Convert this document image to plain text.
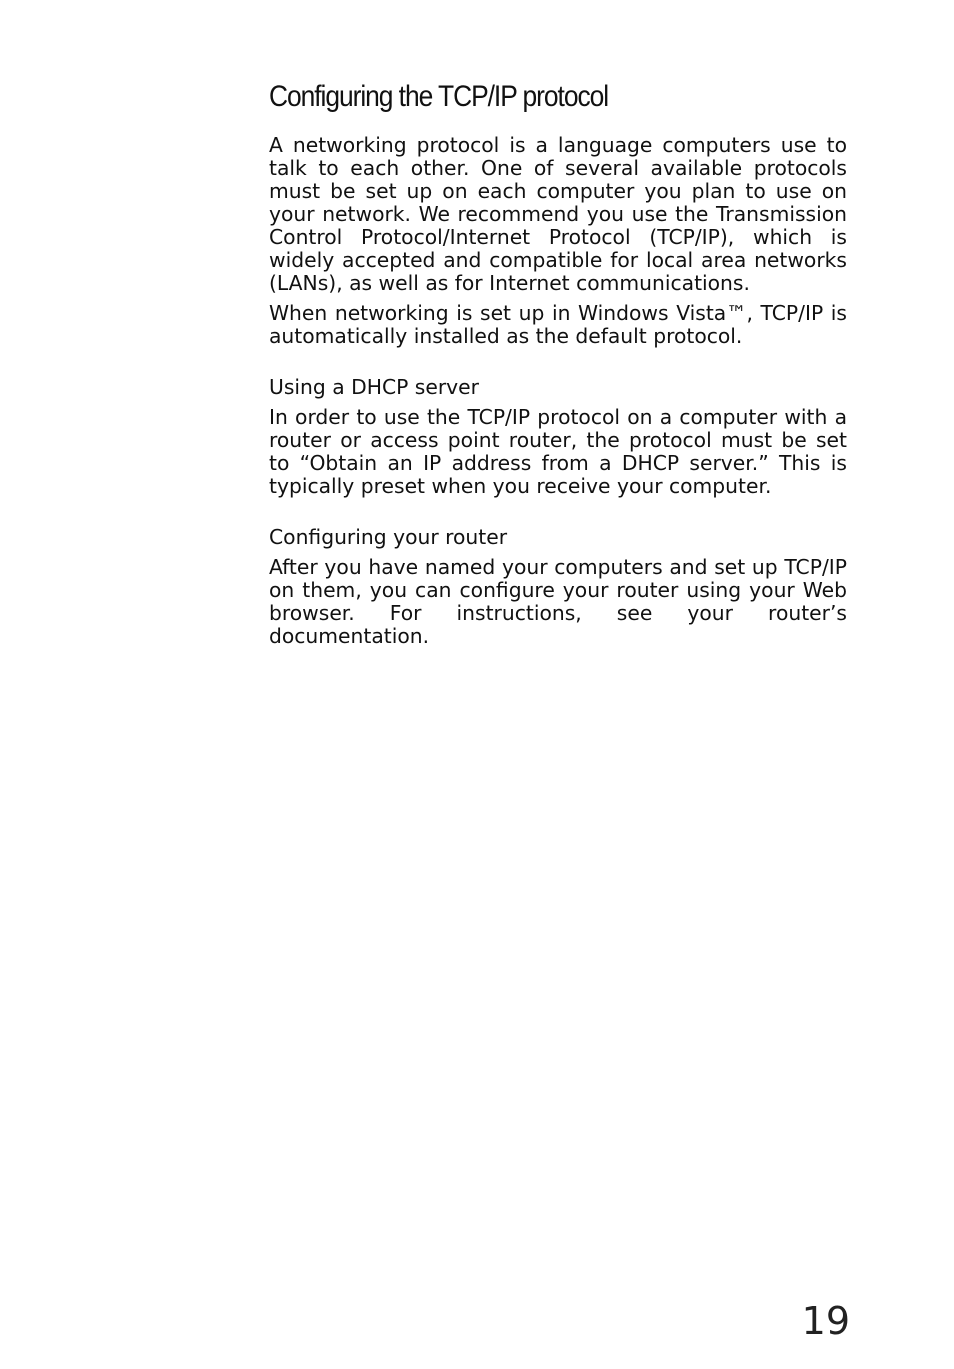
Configuring the TCP/IP protocol

A networking protocol is a language computers use to talk to each other. One of several available protocols must be set up on each computer you plan to use on your network. We recommend you use the Transmission Control Protocol/Internet Protocol (TCP/IP), which is widely accepted and compatible for local area networks (LANs), as well as for Internet communications.

When networking is set up in Windows Vista™, TCP/IP is automatically installed as the default protocol.

Using a DHCP server

In order to use the TCP/IP protocol on a computer with a router or access point router, the protocol must be set to “Obtain an IP address from a DHCP server.” This is typically preset when you receive your computer.

Configuring your router

After you have named your computers and set up TCP/IP on them, you can configure your router using your Web browser. For instructions, see your router’s documentation.

19
